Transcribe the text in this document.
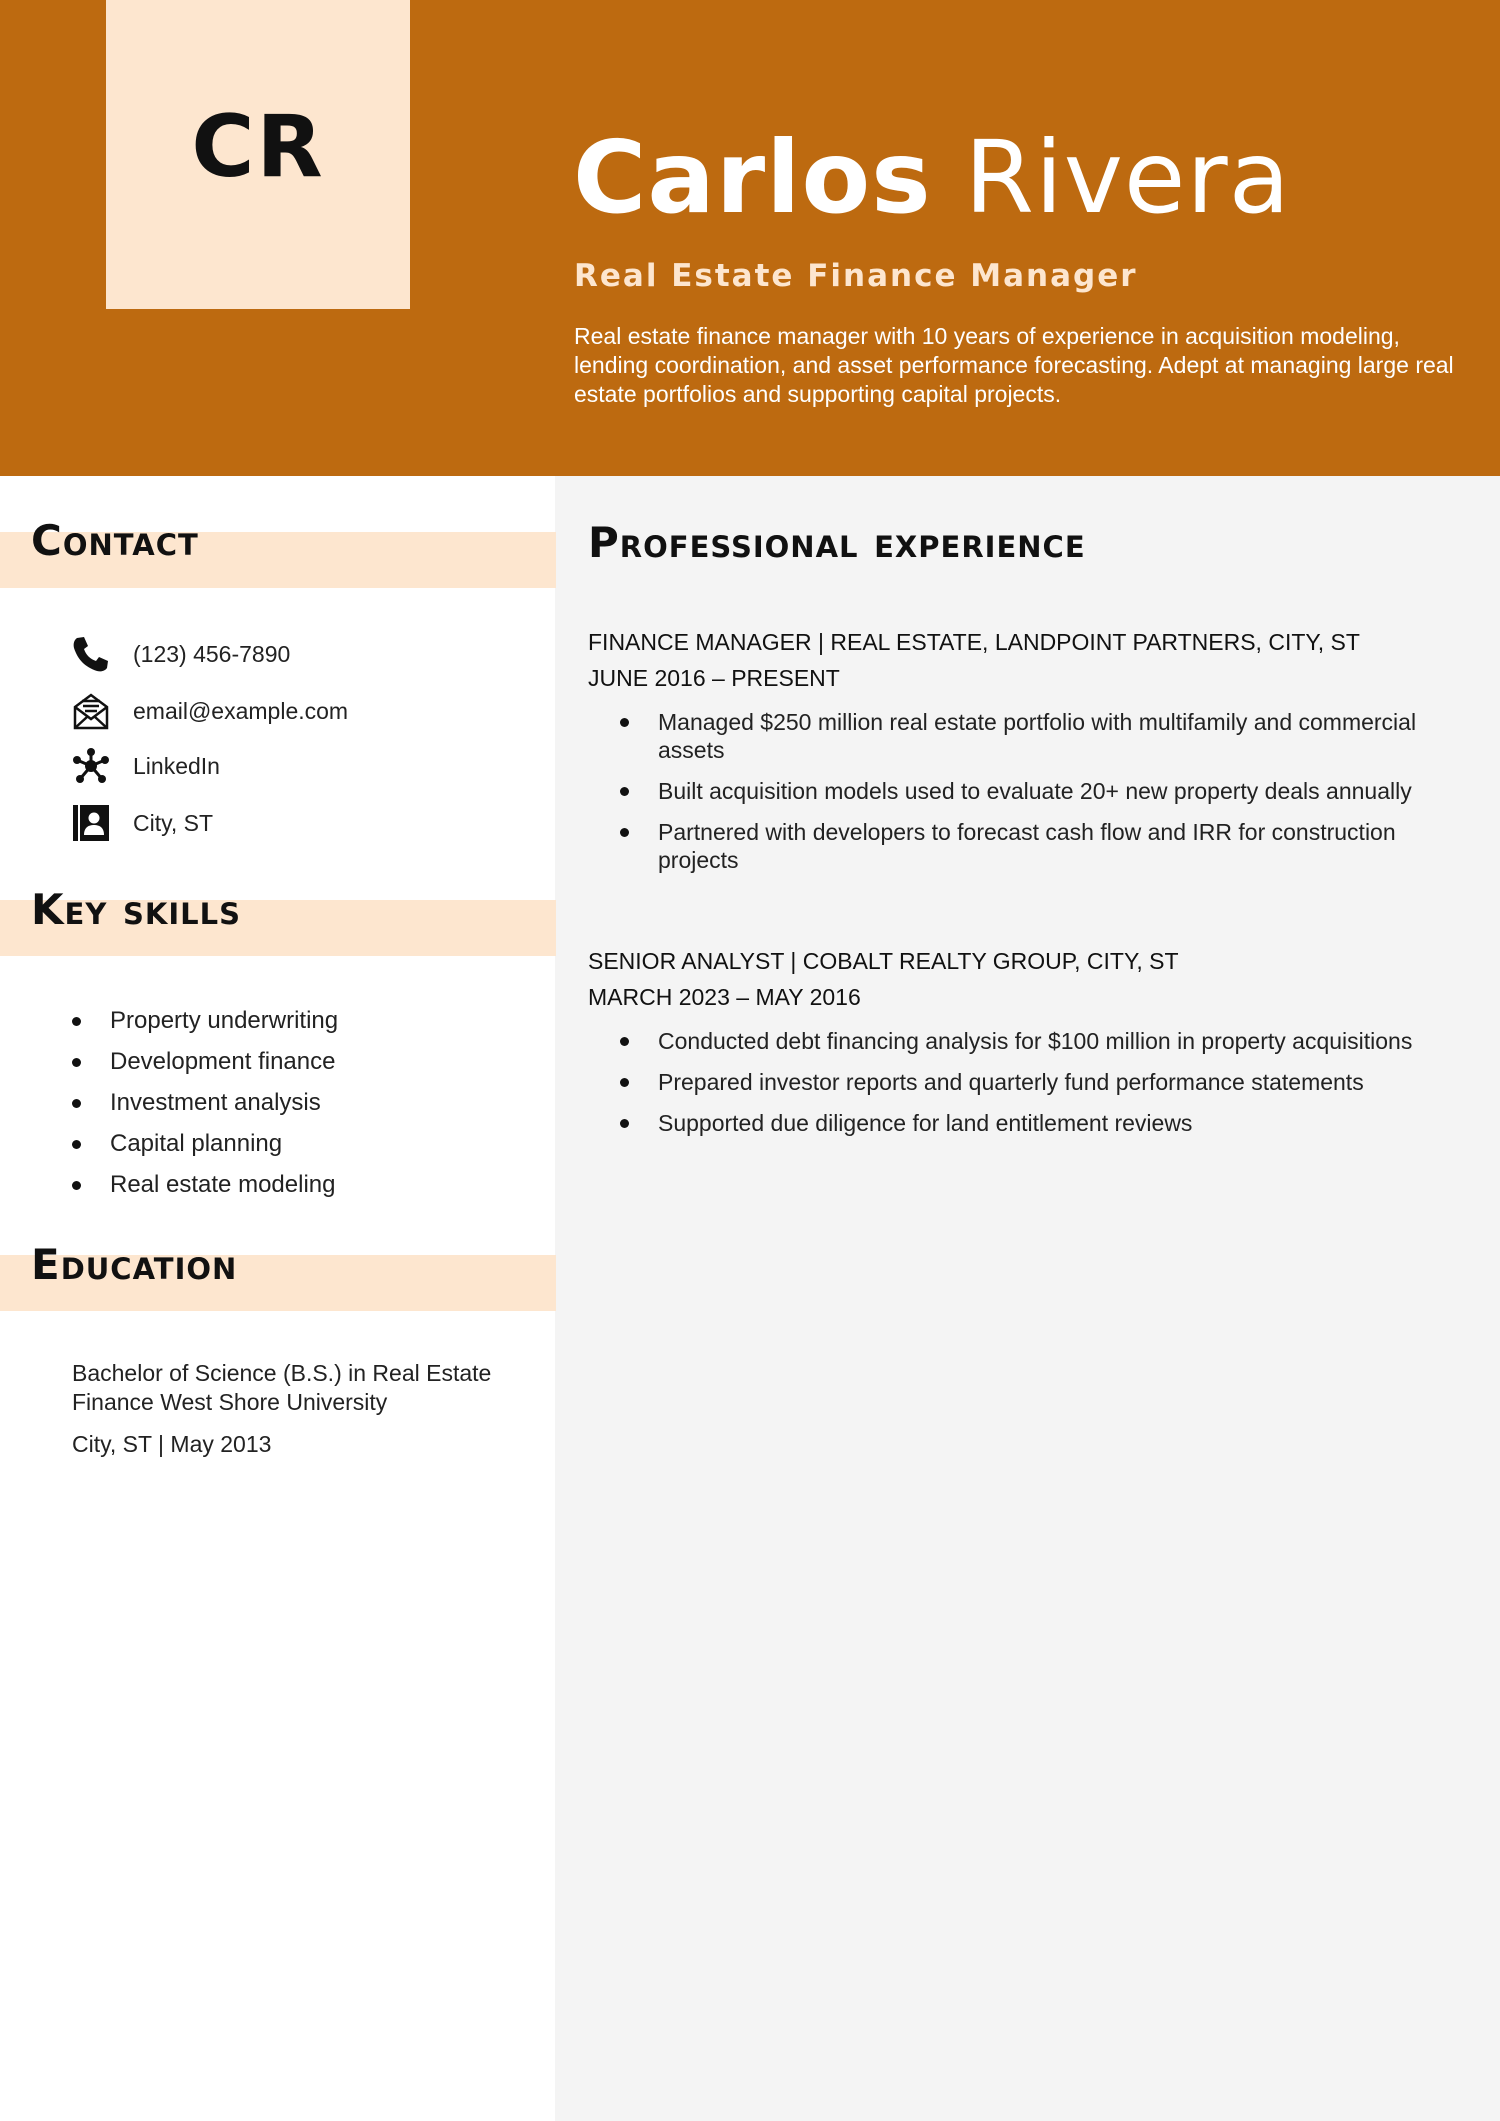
CR Carlos Rivera
Real Estate Finance Manager
Real estate finance manager with 10 years of experience in acquisition modeling, lending coordination, and asset performance forecasting. Adept at managing large real estate portfolios and supporting capital projects.
Contact
(123) 456-7890
email@example.com
LinkedIn
City, ST
Key skills
Property underwriting
Development finance
Investment analysis
Capital planning
Real estate modeling
Education
Bachelor of Science (B.S.) in Real Estate Finance West Shore University
City, ST | May 2013
Professional experience
FINANCE MANAGER | REAL ESTATE, LANDPOINT PARTNERS, CITY, ST
JUNE 2016 – PRESENT
Managed $250 million real estate portfolio with multifamily and commercial assets
Built acquisition models used to evaluate 20+ new property deals annually
Partnered with developers to forecast cash flow and IRR for construction projects
SENIOR ANALYST | COBALT REALTY GROUP, CITY, ST
MARCH 2023 – MAY 2016
Conducted debt financing analysis for $100 million in property acquisitions
Prepared investor reports and quarterly fund performance statements
Supported due diligence for land entitlement reviews
